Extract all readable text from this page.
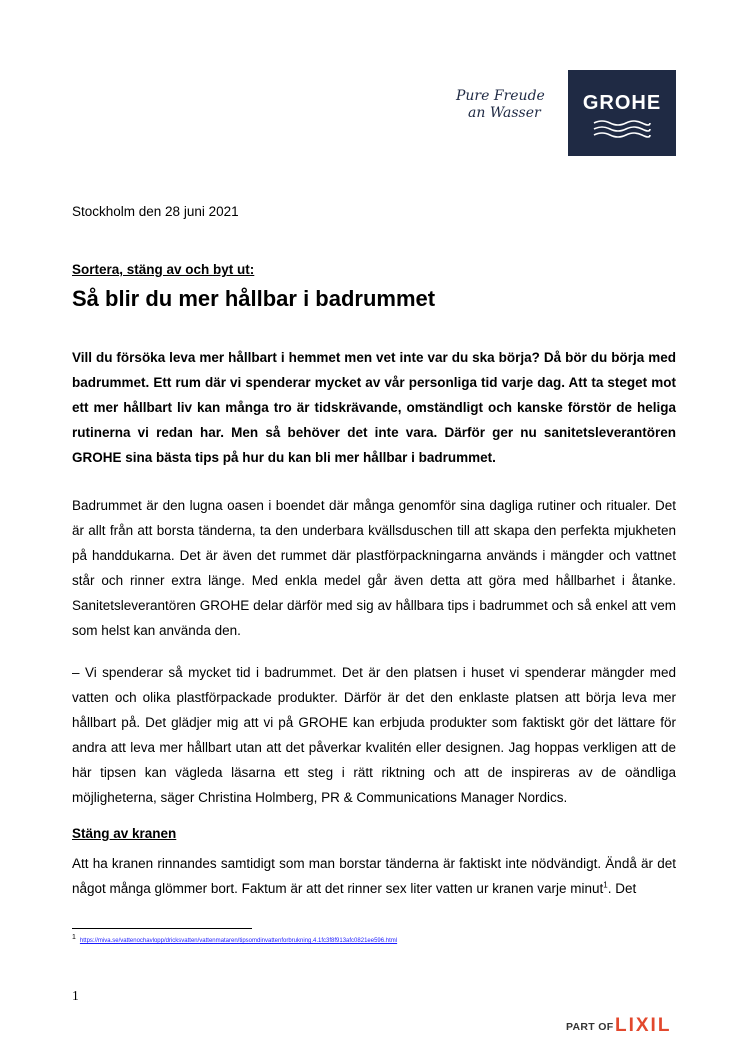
Pure Freude
an Wasser	GROHE
Stockholm den 28 juni 2021
Sortera, stäng av och byt ut:
Så blir du mer hållbar i badrummet

Vill du försöka leva mer hållbart i hemmet men vet inte var du ska börja? Då bör du börja med badrummet. Ett rum där vi spenderar mycket av vår personliga tid varje dag. Att ta steget mot ett mer hållbart liv kan många tro är tidskrävande, omständligt och kanske förstör de heliga rutinerna vi redan har. Men så behöver det inte vara. Därför ger nu sanitetsleverantören GROHE sina bästa tips på hur du kan bli mer hållbar i badrummet.

Badrummet är den lugna oasen i boendet där många genomför sina dagliga rutiner och ritualer. Det är allt från att borsta tänderna, ta den underbara kvällsduschen till att skapa den perfekta mjukheten på handdukarna. Det är även det rummet där plastförpackningarna används i mängder och vattnet står och rinner extra länge. Med enkla medel går även detta att göra med hållbarhet i åtanke. Sanitetsleverantören GROHE delar därför med sig av hållbara tips i badrummet och så enkel att vem som helst kan använda den.

– Vi spenderar så mycket tid i badrummet. Det är den platsen i huset vi spenderar mängder med vatten och olika plastförpackade produkter. Därför är det den enklaste platsen att börja leva mer hållbart på. Det glädjer mig att vi på GROHE kan erbjuda produkter som faktiskt gör det lättare för andra att leva mer hållbart utan att det påverkar kvalitén eller designen. Jag hoppas verkligen att de här tipsen kan vägleda läsarna ett steg i rätt riktning och att de inspireras av de oändliga möjligheterna, säger Christina Holmberg, PR & Communications Manager Nordics.

Stäng av kranen

Att ha kranen rinnandes samtidigt som man borstar tänderna är faktiskt inte nödvändigt. Ändå är det något många glömmer bort. Faktum är att det rinner sex liter vatten ur kranen varje minut$^1$. Det

1 https://miva.se/vattenochavlopp/dricksvatten/vattenmataren/tipsomdinvattenforbrukning.4.1fc3f8f913afc0821ee596.html
1
PART OF LIXIL
